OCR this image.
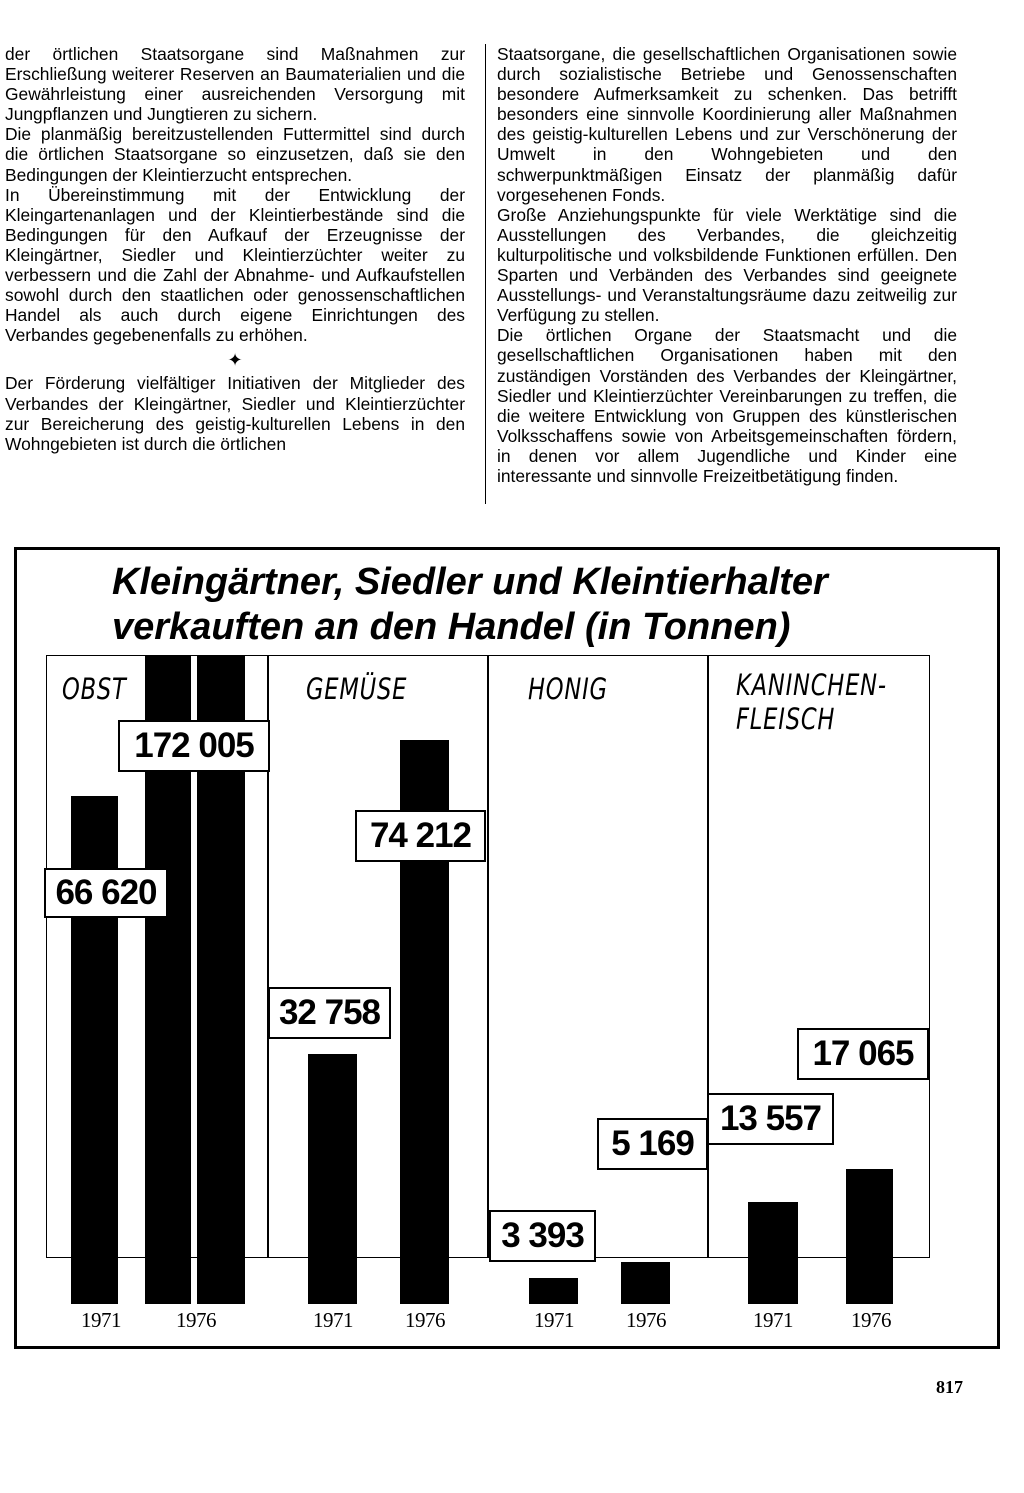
der örtlichen Staatsorgane sind Maßnahmen zur Erschließung weiterer Reserven an Baumaterialien und die Gewährleistung einer ausreichenden Versorgung mit Jungpflanzen und Jungtieren zu sichern.

Die planmäßig bereitzustellenden Futtermittel sind durch die örtlichen Staatsorgane so einzusetzen, daß sie den Bedingungen der Kleintierzucht entsprechen.

In Übereinstimmung mit der Entwicklung der Kleingartenanlagen und der Kleintierbestände sind die Bedingungen für den Aufkauf der Erzeugnisse der Kleingärtner, Siedler und Kleintierzüchter weiter zu verbessern und die Zahl der Abnahme- und Aufkaufstellen sowohl durch den staatlichen oder genossenschaftlichen Handel als auch durch eigene Einrichtungen des Verbandes gegebenenfalls zu erhöhen.

✦

Der Förderung vielfältiger Initiativen der Mitglieder des Verbandes der Kleingärtner, Siedler und Kleintierzüchter zur Bereicherung des geistig-kulturellen Lebens in den Wohngebieten ist durch die örtlichen

Staatsorgane, die gesellschaftlichen Organisationen sowie durch sozialistische Betriebe und Genossenschaften besondere Aufmerksamkeit zu schenken. Das betrifft besonders eine sinnvolle Koordinierung aller Maßnahmen des geistig-kulturellen Lebens und zur Verschönerung der Umwelt in den Wohngebieten und den schwerpunktmäßigen Einsatz der planmäßig dafür vorgesehenen Fonds.

Große Anziehungspunkte für viele Werktätige sind die Ausstellungen des Verbandes, die gleichzeitig kulturpolitische und volksbildende Funktionen erfüllen. Den Sparten und Verbänden des Verbandes sind geeignete Ausstellungs- und Veranstaltungsräume dazu zeitweilig zur Verfügung zu stellen.

Die örtlichen Organe der Staatsmacht und die gesellschaftlichen Organisationen haben mit den zuständigen Vorständen des Verbandes der Kleingärtner, Siedler und Kleintierzüchter Vereinbarungen zu treffen, die die weitere Entwicklung von Gruppen des künstlerischen Volksschaffens sowie von Arbeitsgemeinschaften fördern, in denen vor allem Jugendliche und Kinder eine interessante und sinnvolle Freizeitbetätigung finden.

Kleingärtner, Siedler und Kleintierhalter
verkauften an den Handel (in Tonnen)
OBST
66 620
172 005
1971	1976
GEMÜSE
32 758
74 212
1971 1976
HONIG
3 393
5 169
1971 1976
KANINCHEN-
FLEISCH
13 557
17 065
1971	1976
817
